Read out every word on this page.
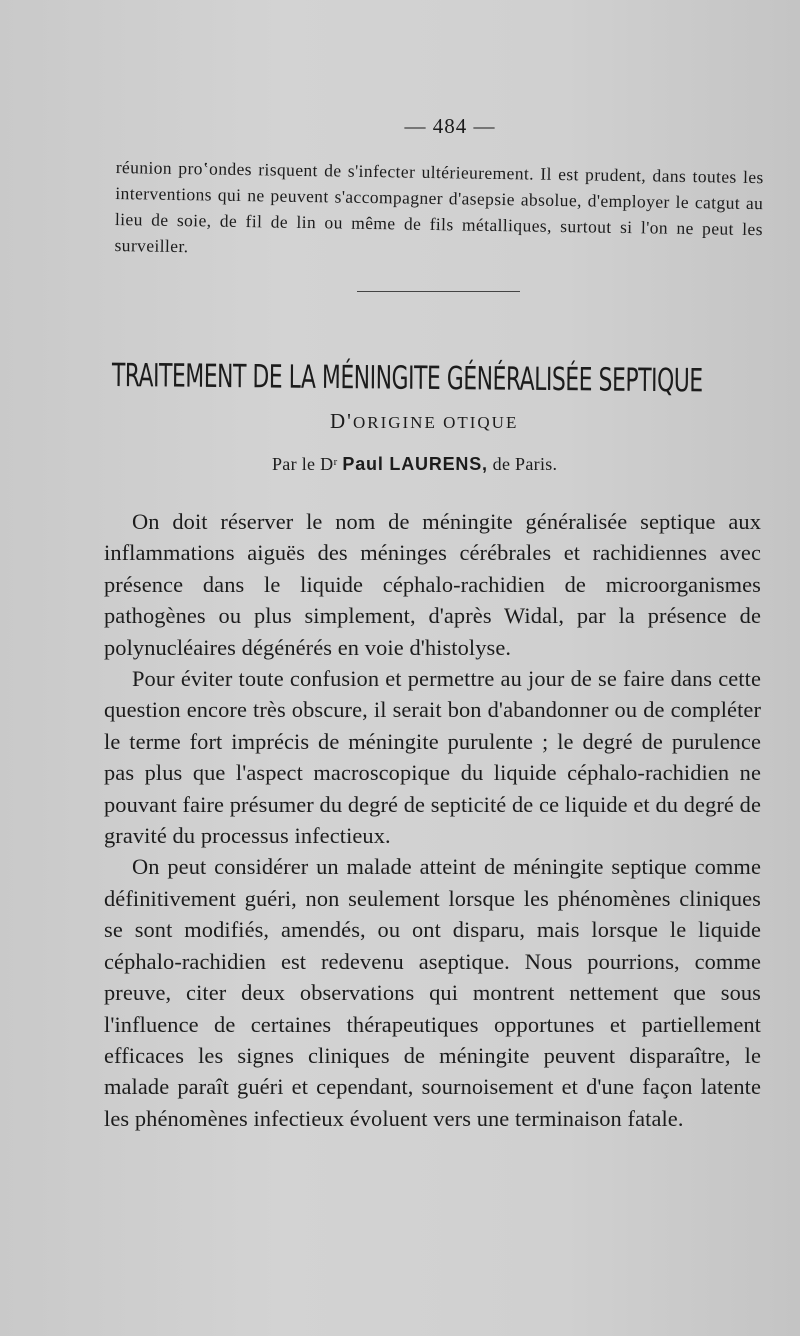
— 484 —
réunion proʽondes risquent de s'infecter ultérieurement. Il est prudent, dans toutes les interventions qui ne peuvent s'accompagner d'asepsie absolue, d'employer le catgut au lieu de soie, de fil de lin ou même de fils métalliques, surtout si l'on ne peut les surveiller.
TRAITEMENT DE LA MÉNINGITE GÉNÉRALISÉE SEPTIQUE
D'ORIGINE OTIQUE
Par le Dʳ Paul LAURENS, de Paris.

On doit réserver le nom de méningite généralisée septique aux inflammations aiguës des méninges cérébrales et rachidiennes avec présence dans le liquide céphalo-rachidien de microorganismes pathogènes ou plus simplement, d'après Widal, par la présence de polynucléaires dégénérés en voie d'histolyse.

Pour éviter toute confusion et permettre au jour de se faire dans cette question encore très obscure, il serait bon d'abandonner ou de compléter le terme fort imprécis de méningite purulente ; le degré de purulence pas plus que l'aspect macroscopique du liquide céphalo-rachidien ne pouvant faire présumer du degré de septicité de ce liquide et du degré de gravité du processus infectieux.

On peut considérer un malade atteint de méningite septique comme définitivement guéri, non seulement lorsque les phénomènes cliniques se sont modifiés, amendés, ou ont disparu, mais lorsque le liquide céphalo-rachidien est redevenu aseptique. Nous pourrions, comme preuve, citer deux observations qui montrent nettement que sous l'influence de certaines thérapeutiques opportunes et partiellement efficaces les signes cliniques de méningite peuvent disparaître, le malade paraît guéri et cependant, sournoisement et d'une façon latente les phénomènes infectieux évoluent vers une terminaison fatale.
